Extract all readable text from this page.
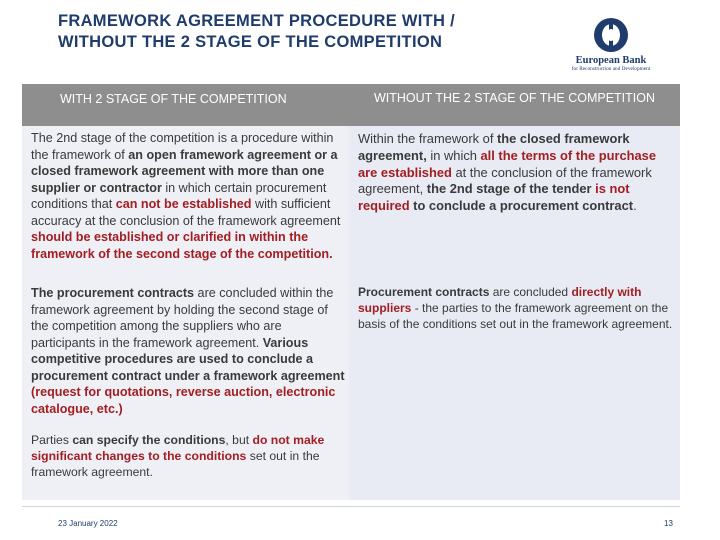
FRAMEWORK AGREEMENT PROCEDURE WITH / WITHOUT THE 2 STAGE OF THE COMPETITION
European Bank
for Reconstruction and Development
WITH 2 STAGE OF THE COMPETITION	WITHOUT THE 2 STAGE OF THE COMPETITION
The 2nd stage of the competition is a procedure within the framework of an open framework agreement or a closed framework agreement with more than one supplier or contractor in which certain procurement conditions that can not be established with sufficient accuracy at the conclusion of the framework agreement should be established or clarified in within the framework of the second stage of the competition.
The procurement contracts are concluded within the framework agreement by holding the second stage of the competition among the suppliers who are participants in the framework agreement. Various competitive procedures are used to conclude a procurement contract under a framework agreement (request for quotations, reverse auction, electronic catalogue, etc.)
Parties can specify the conditions, but do not make significant changes to the conditions set out in the framework agreement.
Within the framework of the closed framework agreement, in which all the terms of the purchase are established at the conclusion of the framework agreement, the 2nd stage of the tender is not required to conclude a procurement contract.
Procurement contracts are concluded directly with suppliers - the parties to the framework agreement on the basis of the conditions set out in the framework agreement.
23 January 2022	13
